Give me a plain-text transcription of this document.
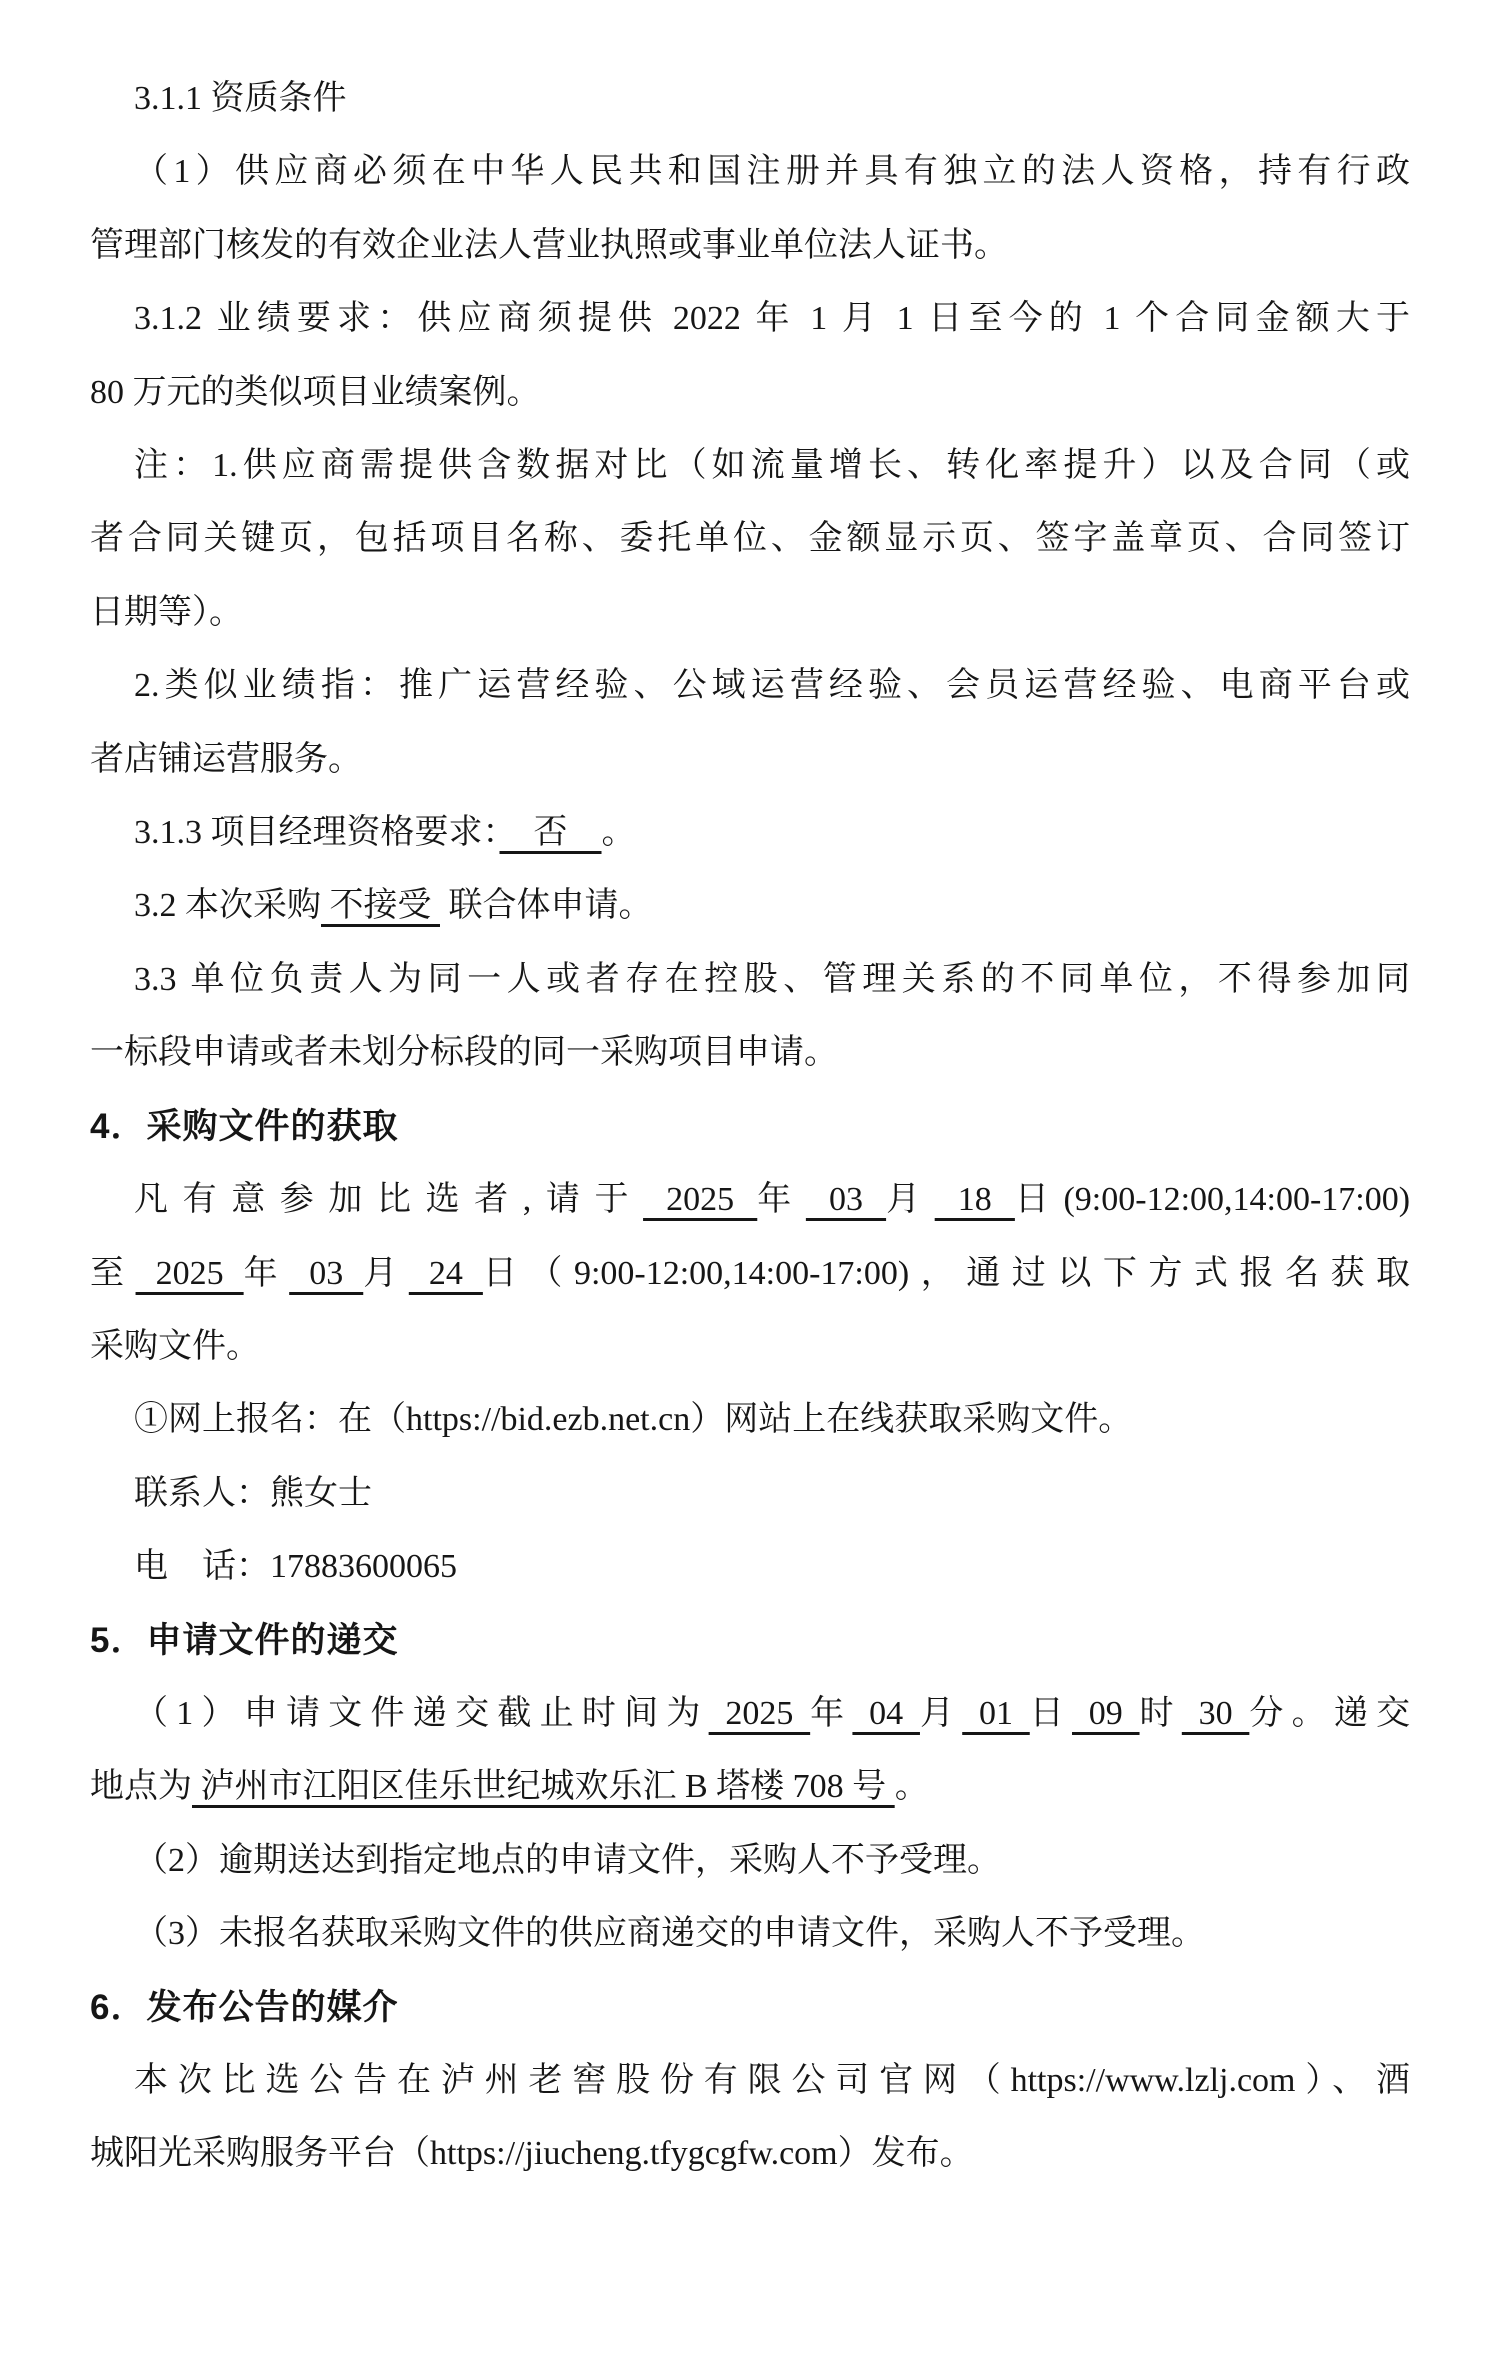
3.1.1 资质条件

（1）供应商必须在中华人民共和国注册并具有独立的法人资格，持有行政

管理部门核发的有效企业法人营业执照或事业单位法人证书。

3.1.2 业绩要求：供应商须提供 2022 年 1 月 1 日至今的 1 个合同金额大于

80 万元的类似项目业绩案例。

注：1.供应商需提供含数据对比（如流量增长、转化率提升）以及合同（或

者合同关键页，包括项目名称、委托单位、金额显示页、签字盖章页、合同签订

日期等）。

2.类似业绩指：推广运营经验、公域运营经验、会员运营经验、电商平台或

者店铺运营服务。

3.1.3 项目经理资格要求：　否　。

3.2 本次采购 不接受  联合体申请。

3.3 单位负责人为同一人或者存在控股、管理关系的不同单位，不得参加同

一标段申请或者未划分标段的同一采购项目申请。

4．采购文件的获取

凡有意参加比选者,请于 2025 年 03 月 18 日(9:00-12:00,14:00-17:00)

至 2025 年 03 月 24 日（9:00-12:00,14:00-17:00)，通过以下方式报名获取

采购文件。

①网上报名：在（https://bid.ezb.net.cn）网站上在线获取采购文件。

联系人：熊女士

电　话：17883600065

5．申请文件的递交

（1）申请文件递交截止时间为 2025 年 04 月 01 日 09 时 30 分。递交

地点为 泸州市江阳区佳乐世纪城欢乐汇 B 塔楼 708 号 。

（2）逾期送达到指定地点的申请文件，采购人不予受理。

（3）未报名获取采购文件的供应商递交的申请文件，采购人不予受理。

6．发布公告的媒介

本次比选公告在泸州老窖股份有限公司官网（https://www.lzlj.com）、酒

城阳光采购服务平台（https://jiucheng.tfygcgfw.com）发布。
